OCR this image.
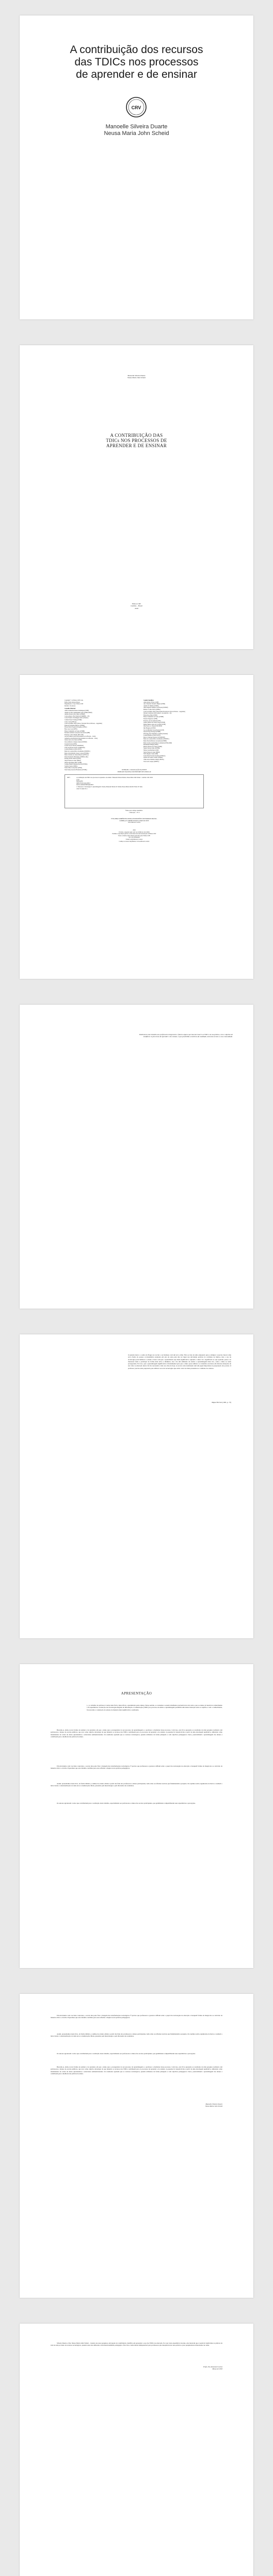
A contribuição dos recursos
das TDICs nos processos
de aprender e de ensinar
CRV
Manoelle Silveira Duarte
Neusa Maria John Scheid
Manoelle Silveira Duarte
Neusa Maria John Scheid
A CONTRIBUIÇÃO DAS
TDICs NOS PROCESSOS DE
APRENDER E DE ENSINAR
Editora CRV
Curitiba – Brasil
2018
Copyright © da Editora CRV Ltda.
Editor-chefe: Railson Moura
Diagramação e Capa: Editora CRV
Revisão: Os Autores
Conselho Editorial:
Aldira Guimarães Duarte Dominguez (UNB)
Andréia da Silva Quintanilha Sousa (UNIR/UFRN)
Antônio Pereira Gaio Júnior (UFRRJ)
Carlos Alberto Vilar Estêvão (UMINHO – PT)
Carlos Federico Dominguez Avila (Unieuro)
Carmen Tereza Velanga (UNIR)
Celso Conti (UFSCar)
Cesar Gerónimo Tello (Univer. Nacional Três de Febrero – Argentina)
Eduardo Fernandes Barbosa (UFMG)
Elione Maria Nogueira Diogenes (UFAL)
Élsio José Corá (UFFS)
Elizeu Clementino de Souza (UNEB)
Fernando Antônio Gonçalves Alcoforado (IPB)
Francisco Carlos Duarte (PUC-PR)
Gloria Fariñas León (Universidade de La Havana – Cuba)
Guillermo Arias Beatón (Universidade de La Havana – Cuba)
Jailson Alves dos Santos (UFRJ)
João Adalberto Campato Junior (UNESP)
Josania Portela (UFPI)
Leonel Severo Rocha (UNISINOS)
Lídia de Oliveira Xavier (UNIEURO)
Lourdes Helena da Silva (UFV)
Maria de Lourdes Pinto de Almeida (UNOESC)
Maria Lília Imbiriba Sousa Colares (UFOPA)
Maria Cristina dos Santos Bezerra (UFSCar)
Paulo Romualdo Hernandes (UNIFAL-MG)
Rodrigo Pratte-Santos (UFES)
Sérgio Nunes de Jesus (IFRO)
Simone Rodrigues Pinto (UNB)
Solange Helena Ximenes-Rocha (UFOPA)
Sydione Santos (UEPG)
Tadeu Oliver Gonçalves (UFPA)
Tania Suely Azevedo Brasileiro (UFOPA)
Comitê Científico:
Altair Alberto Fávero (UPF)
Ana Chrystina Venancio Mignot (UERJ)
Andréia N. Militão (UEMS)
Anna Augusta Sampaio de Oliveira (UNESP)
Barbara Coelho Neves (UFBA)
Cesar Gerónimo Tello (Universidad Nacional de Três de Febrero – Argentina)
Diosnel Centurion (Univ Americ. de Asunción – Py)
Eliane Rose Maio (UEM)
Elizeu Clementino de Souza (UNEB)
Fauston Negreiros (UFPI)
Francisco Ari de Andrade (UFC)
Gláucia Maria dos Santos Jorge (UFOP)
Helder Buenos Aires de Carvalho (UFPI)
Ilma Passos A. Veiga (UNICEUB)
Inês Bragança (UERJ)
José de Ribamar Sousa Pereira (UCB)
Jussara Fraga Portugal (UNEB)
Kilwangy Kya Kapitango-a-Samba (Unemat)
Lourdes Helena da Silva (UFV)
Marcos Vinicius Francisco (UNOESTE)
Maria de Lourdes Pinto de Almeida (UNOESC)
Maria Eurácia Barreto de Andrade (UFRB)
Maria Lurdes Lurdes Pinto de Almeida (UNICAMP)
Mohammed Elhajji (UFRJ)
Mônica Pereira dos Santos (UFRJ)
Najela Tavares Ujiie (UTFPR)
Nilson José Machado (USP)
Sérgio Nunes de Jesus (IFRO)
Silvia Regina Canan (URI)
Sonia Maria Ferreira Koehler (UNISAL)
Suzana dos Santos Gomes (UFMG)
Vânia Alves Martins Chaigar (FURG)
Vera Lucia Gaspar (UDESC)
CIP-BRASIL. CATALOGAÇÃO-NA-FONTE
SINDICATO NACIONAL DOS EDITORES DE LIVROS, RJ
D875	A contribuição das TDICs nos processos de aprender e de ensinar / Manoelle Silveira Duarte, Neusa Maria John Scheid – Curitiba: CRV, 2018.
174 p.
Bibliografia
ISBN 978-85-444-2438-3
DOI 10.24824/978854442438.3
1. Educação 2. Tecnologias 3. Aprendizagem I. Duarte, Manoelle Silveira II. Scheid, Neusa Maria John III. Título IV. Série.
CDU 37 CDD 371.3
Índice para catálogo sistemático
1. Educação – 371.3
ESTA OBRA TAMBÉM ENCONTRA-SE DISPONÍVEL EM FORMATO DIGITAL.
CONHEÇA E COMPRE NOSSOS LIVROS NO SITE:
www.editoracrv.com.br
2018
Foi feito o depósito legal conf. Lei 10.994 de 14/12/2004
Proibida a reprodução parcial ou total desta obra sem autorização da Editora CRV
Todos os direitos desta edição reservados pela: Editora CRV
Tel.: (41) 3039-6418
E-mail: sac@editoracrv.com.br
Conheça os nossos lançamentos: www.editoracrv.com.br
Dedicamos esta trabalho aos professores integrantes e futuros alguns que buscam inserir as TDICs na sua prática, com o objetivo de modificar os processos de aprender e de ensinar, o que possibilita a melhora da realidade, tanto da escola e a sua comunidade.
O grande ideal e o sonho de Piaget era recriar o ser humano com um novo olhar. Não se trata de uma adaptação pura e simples: é preciso buscar uma nova forma do pensar. A matemática ensinada em sala de aula pode não ter lugar nas atividades práticas do cotidiano de muitos, mas o uso da tecnologia pode melhorar o ensino e fazer com que o aprendizado seja mais significativo. Quando o aluno vê o significado no que aprende, passa a se interessar mais e participar de forma mais ativa e dinâmica, isso cria um ambiente de ensino e aprendizagem mais rico, onde o aluno se sente protagonista. Por isso, que a aprendizagem significativa é fundamental para que o aluno possa utilizar os conteúdos escolares em diversas situações de sua vida. A educação nunca foi tão necessária como nos dias de hoje. A escola como instituição tem um papel importante na preparação dos jovens. O professor precisa estar preparado para utilizar as novas tecnologias que estão cada vez mais presentes no cotidiano dos alunos.
Miguel Brichot (1981, p. 73)
APRESENTAÇÃO
[...] o trabalho do professor é tornar mais fácil e mais eficaz o aprendizado pelos alunos. Nesse sentido, os conteúdos a serem trabalhados precisam levar em conta o que os alunos já trazem de conhecimento e de experiências. A inserção das Tecnologias Digitais de Informação e Comunicação (TDICs) no processo de ensino e aprendizagem possibilita uma maior interação entre os sujeitos e com o conhecimento, favorecendo a construção de saberes de maneira mais significativa e autônoma.
Buscam-se, ainda, novas formas de ensinar e de aprender, em que o aluno seja o protagonista do seu processo de aprendizagem e o professor o mediador desse processo. Com isso, este livro apresenta os resultados de uma pesquisa realizada com professores e alunos de escolas públicas, que teve como objetivo investigar de que maneira os recursos das TDICs contribuem para os processos de aprender e de ensinar. A pesquisa foi desenvolvida a partir de uma abordagem qualitativa, utilizando como instrumentos de coleta de dados questionários e entrevistas semiestruturadas. Os resultados apontam que os recursos tecnológicos, quando utilizados de forma planejada e com objetivos pedagógicos claros, potencializam a aprendizagem dos alunos e contribuem para a melhoria das práticas docentes.
Em um mundo cada vez mais conectado, a escola não pode ficar à margem das transformações tecnológicas. É preciso que professores e gestores reflitam sobre o papel das tecnologias na educação e busquem formas de integrá-las ao currículo de maneira crítica e criativa. Esperamos que este trabalho contribua para essa reflexão e inspire novas práticas pedagógicas.
Assim, apresentamos neste livro, de forma didática, a análise dos dados obtidos a partir das falas dos professores e alunos participantes, bem como as reflexões teóricas que fundamentam a pesquisa. Os capítulos estão organizados de modo a conduzir o leitor desde a contextualização do tema até as considerações finais, passando pela metodologia e pela discussão dos resultados.
Os autores agradecem a todos que contribuíram para a realização deste trabalho, especialmente aos professores e alunos das escolas participantes, que gentilmente compartilharam suas experiências e percepções.
Em um mundo cada vez mais conectado, a escola não pode ficar à margem das transformações tecnológicas. É preciso que professores e gestores reflitam sobre o papel das tecnologias na educação e busquem formas de integrá-las ao currículo de maneira crítica e criativa. Esperamos que este trabalho contribua para essa reflexão e inspire novas práticas pedagógicas.
Assim, apresentamos neste livro, de forma didática, a análise dos dados obtidos a partir das falas dos professores e alunos participantes, bem como as reflexões teóricas que fundamentam a pesquisa. Os capítulos estão organizados de modo a conduzir o leitor desde a contextualização do tema até as considerações finais, passando pela metodologia e pela discussão dos resultados.
Os autores agradecem a todos que contribuíram para a realização deste trabalho, especialmente aos professores e alunos das escolas participantes, que gentilmente compartilharam suas experiências e percepções.
Buscam-se, ainda, novas formas de ensinar e de aprender, em que o aluno seja o protagonista do seu processo de aprendizagem e o professor o mediador desse processo. Com isso, este livro apresenta os resultados de uma pesquisa realizada com professores e alunos de escolas públicas, que teve como objetivo investigar de que maneira os recursos das TDICs contribuem para os processos de aprender e de ensinar. A pesquisa foi desenvolvida a partir de uma abordagem qualitativa, utilizando como instrumentos de coleta de dados questionários e entrevistas semiestruturadas. Os resultados apontam que os recursos tecnológicos, quando utilizados de forma planejada e com objetivos pedagógicos claros, potencializam a aprendizagem dos alunos e contribuem para a melhoria das práticas docentes.
Manoelle Silveira Duarte
Neusa Maria John Scheid
Silveira Duarte e Dra. Neusa Maria John Scheid – trazem, nas suas pesquisas, um legado de contribuição científica em apresentar o uso das TDICs na educação. Por sua vasta experiência docente, elas mostram que é possível transformar as práticas de sala de aula por meio de recursos tecnológicos, quando estes são utilizados com intencionalidade pedagógica. Este livro é uma leitura indispensável para professores que desejam inovar suas práticas e para pesquisadores interessados no tema.
Profa. Dra. Rosemari Lorenz
Março de 2018
